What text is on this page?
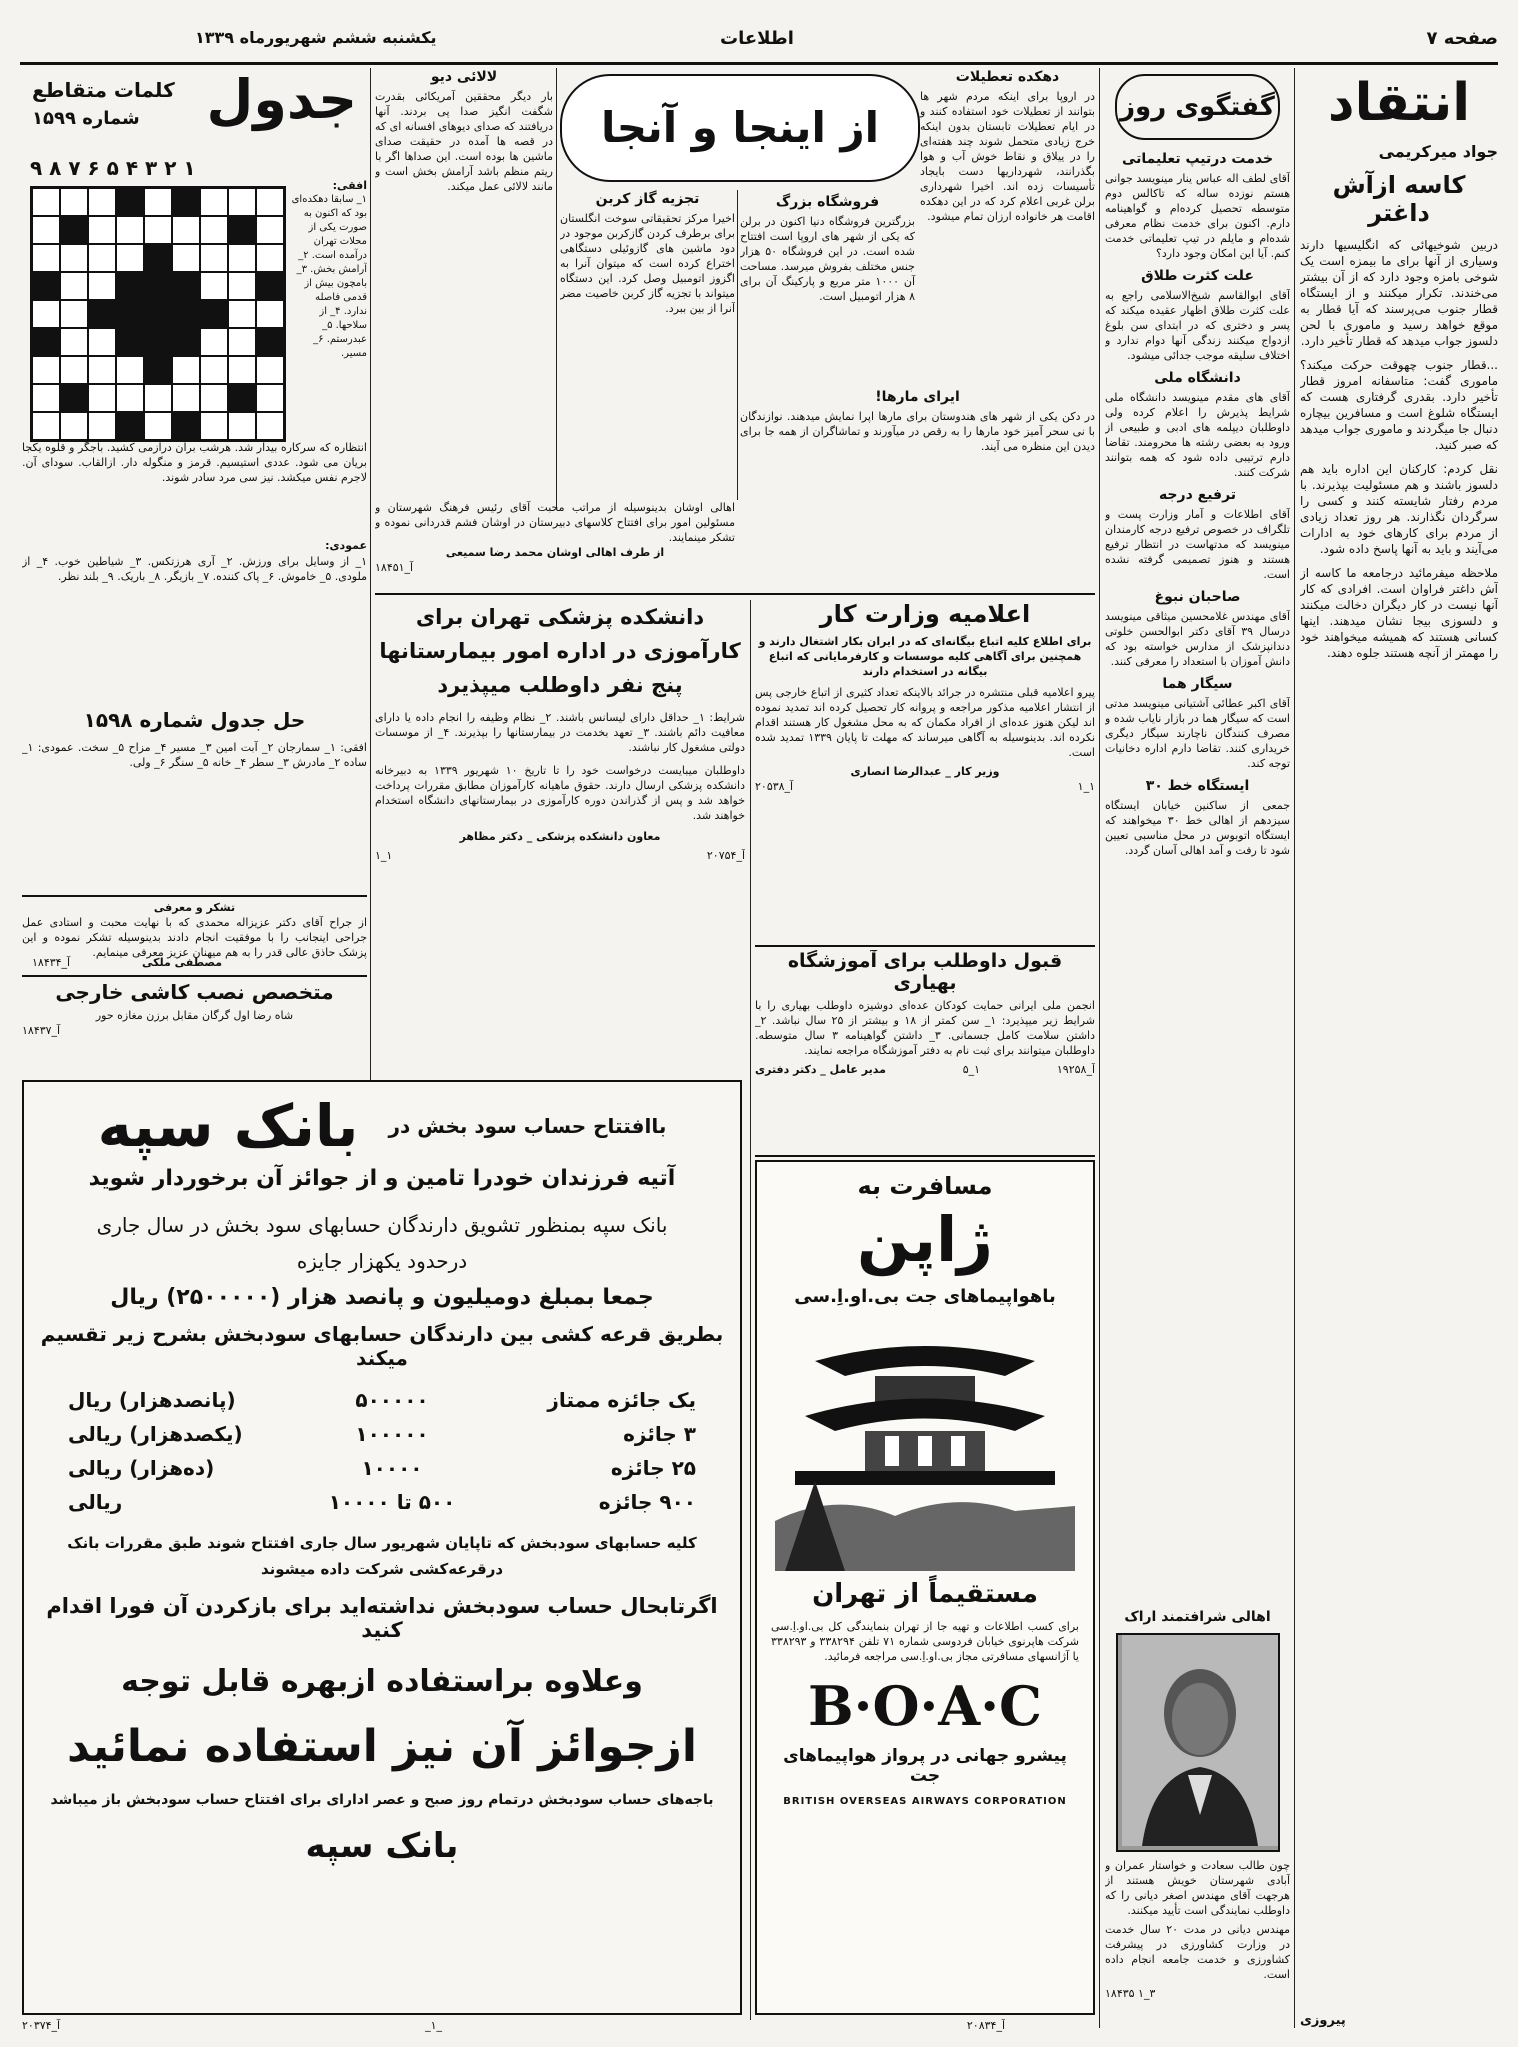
صفحه ۷
اطلاعات
یکشنبه ششم شهریورماه ۱۳۳۹
انتقاد
جواد میرکریمی
کاسه ازآش داغتر

دربین شوخیهائی که انگلیسیها دارند وسیاری از آنها برای ما بیمزه است یک شوخی بامزه وجود دارد که از آن بیشتر می‌خندند. تکرار میکنند و از ایستگاه قطار جنوب می‌پرسند که آیا قطار به موقع خواهد رسید و ماموری با لحن دلسوز جواب میدهد که قطار تأخیر دارد.

...قطار جنوب چهوقت حرکت میکند؟ ماموری گفت: متاسفانه امروز قطار تأخیر دارد. بقدری گرفتاری هست که ایستگاه شلوغ است و مسافرین بیچاره دنبال جا میگردند و ماموری جواب میدهد که صبر کنید.

نقل کردم: کارکنان این اداره باید هم دلسوز باشند و هم مسئولیت بپذیرند. با مردم رفتار شایسته کنند و کسی را سرگردان نگذارند. هر روز تعداد زیادی از مردم برای کارهای خود به ادارات می‌آیند و باید به آنها پاسخ داده شود.

ملاحظه میفرمائید درجامعه ما کاسه از آش داغتر فراوان است. افرادی که کار آنها نیست در کار دیگران دخالت میکنند و دلسوزی بیجا نشان میدهند. اینها کسانی هستند که همیشه میخواهند خود را مهمتر از آنچه هستند جلوه دهند.

پیروزی
گفتگوی روز
خدمت درتیپ تعلیماتی

آقای لطف اله عباس ینار مینویسد جوانی هستم نوزده ساله که تاکالس دوم متوسطه تحصیل کرده‌ام و گواهینامه دارم. اکنون برای خدمت نظام معرفی شده‌ام و مایلم در تیپ تعلیماتی خدمت کنم. آیا این امکان وجود دارد؟

علت کثرت طلاق

آقای ابوالقاسم شیخ‌الاسلامی راجع به علت کثرت طلاق اظهار عقیده میکند که پسر و دختری که در ابتدای سن بلوغ ازدواج میکنند زندگی آنها دوام ندارد و اختلاف سلیقه موجب جدائی میشود.

دانشگاه ملی

آقای های مقدم مینویسد دانشگاه ملی شرایط پذیرش را اعلام کرده ولی داوطلبان دیپلمه های ادبی و طبیعی از ورود به بعضی رشته ها محرومند. تقاضا دارم ترتیبی داده شود که همه بتوانند شرکت کنند.

ترفیع درجه

آقای اطلاعات و آمار وزارت پست و تلگراف در خصوص ترفیع درجه کارمندان مینویسد که مدتهاست در انتظار ترفیع هستند و هنوز تصمیمی گرفته نشده است.

صاحبان نبوغ

آقای مهندس غلامحسین میثاقی مینویسد درسال ۳۹ آقای دکتر ابوالحسن خلوتی دندانپزشک از مدارس خواسته بود که دانش آموزان با استعداد را معرفی کنند.

سیگار هما

آقای اکبر عطائی آشتیانی مینویسد مدتی است که سیگار هما در بازار نایاب شده و مصرف کنندگان ناچارند سیگار دیگری خریداری کنند. تقاضا دارم اداره دخانیات توجه کند.

ایستگاه خط ۳۰

جمعی از ساکنین خیابان ایستگاه سیزدهم از اهالی خط ۳۰ میخواهند که ایستگاه اتوبوس در محل مناسبی تعیین شود تا رفت و آمد اهالی آسان گردد.

اهالی شرافتمند اراک

چون طالب سعادت و خواستار عمران و آبادی شهرستان خویش هستند از هرجهت آقای مهندس اصغر دیانی را که داوطلب نمایندگی است تأیید میکنند.

مهندس دیانی در مدت ۲۰ سال خدمت در وزارت کشاورزی در پیشرفت کشاورزی و خدمت جامعه انجام داده است.

۳_۱ ۱۸۴۳۵
دهکده تعطیلات

در اروپا برای اینکه مردم شهر ها بتوانند از تعطیلات خود استفاده کنند و در ایام تعطیلات تابستان بدون اینکه خرج زیادی متحمل شوند چند هفته‌ای را در ییلاق و نقاط خوش آب و هوا بگذرانند، شهرداریها دست بایجاد تأسیسات زده اند. اخیرا شهرداری برلن غربی اعلام کرد که در این دهکده اقامت هر خانواده ارزان تمام میشود.

فروشگاه بزرگ

بزرگترین فروشگاه دنیا اکنون در برلن که یکی از شهر های اروپا است افتتاح شده است. در این فروشگاه ۵۰ هزار جنس مختلف بفروش میرسد. مساحت آن ۱۰۰۰ متر مربع و پارکینگ آن برای ۸ هزار اتومبیل است.

ایرای مارها!

در دکن یکی از شهر های هندوستان برای مارها اپرا نمایش میدهند. نوازندگان با نی سحر آمیز خود مارها را به رقص در میآورند و تماشاگران از همه جا برای دیدن این منظره می آیند.

از اینجا و آنجا
تجزیه گاز کربن

اخیرا مرکز تحقیقاتی سوخت انگلستان برای برطرف کردن گازکربن موجود در دود ماشین های گازوئیلی دستگاهی اختراع کرده است که میتوان آنرا به اگزوز اتومبیل وصل کرد. این دستگاه میتواند با تجزیه گاز کربن خاصیت مضر آنرا از بین ببرد.

لالائی دیو

بار دیگر محققین آمریکائی بقدرت شگفت انگیز صدا پی بردند. آنها دریافتند که صدای دیوهای افسانه ای که در قصه ها آمده در حقیقت صدای ماشین ها بوده است. این صداها اگر با ریتم منظم باشد آرامش بخش است و مانند لالائی عمل میکند.

اهالی اوشان بدینوسیله از مراتب محبت آقای رئیس فرهنگ شهرستان و مسئولین امور برای افتتاح کلاسهای دبیرستان در اوشان فشم قدردانی نموده و تشکر مینمایند.

از طرف اهالی اوشان محمد رضا سمیعی
آ_۱۸۴۵۱
جدول
کلمات متقاطع
شماره ۱۵۹۹
۹ ۸ ۷ ۶ ۵ ۴ ۳ ۲ ۱
افقی:

۱_ سابقا دهکده‌ای بود که اکنون به صورت یکی از محلات تهران درآمده است. ۲_ آرامش بخش. ۳_ بامچون بیش از قدمی فاصله ندارد. ۴_ از سلاحها. ۵_ عبدرستم. ۶_ مسیر.

انتظاره که سرکاره بیدار شد. هرشب بران درازمی کشید. باجگر و قلوه یکجا بریان می شود. عددی استیسیم. قرمز و منگوله دار. ازالقاب. سودای آن. لاجرم نفس میکشد. نیز سی مرد سادر شوند.

عمودی:

۱_ از وسایل برای ورزش. ۲_ آری هرزتکس. ۳_ شیاطین خوب. ۴_ از ملودی. ۵_ خاموش. ۶_ پاک کننده. ۷_ بازیگر. ۸_ باریک. ۹_ بلند نظر.

حل جدول شماره ۱۵۹۸

افقی: ۱_ سمارجان ۲_ آبت امین ۳_ مسیر ۴_ مزاح ۵_ سخت. عمودی: ۱_ ساده ۲_ مادرش ۳_ سطر ۴_ خانه ۵_ سنگر ۶_ ولی.

تشکر و معرفی

از جراح آقای دکتر عزیزاله محمدی که با نهایت محبت و استادی عمل جراحی اینجانب را با موفقیت انجام دادند بدینوسیله تشکر نموده و این پزشک حاذق عالی قدر را به هم میهنان عزیز معرفی مینمایم.

مصطفی ملکی
آ_۱۸۴۳۴
متخصص نصب کاشی خارجی
شاه رضا اول گرگان مقابل برزن مغازه حور
آ_۱۸۴۳۷
دانشکده پزشکی تهران برای کارآموزی در اداره امور بیمارستانها پنج نفر داوطلب میپذیرد

شرایط: ۱_ حداقل دارای لیسانس باشند. ۲_ نظام وظیفه را انجام داده یا دارای معافیت دائم باشند. ۳_ تعهد بخدمت در بیمارستانها را بپذیرند. ۴_ از موسسات دولتی مشغول کار نباشند.

داوطلبان میبایست درخواست خود را تا تاریخ ۱۰ شهریور ۱۳۳۹ به دبیرخانه دانشکده پزشکی ارسال دارند. حقوق ماهیانه کارآموزان مطابق مقررات پرداخت خواهد شد و پس از گذراندن دوره کارآموزی در بیمارستانهای دانشگاه استخدام خواهند شد.

معاون دانشکده پزشکی _ دکتر مظاهر
آ_۲۰۷۵۴
۱_۱
اعلامیه وزارت کار

برای اطلاع کلیه اتباع بیگانه‌ای که در ایران بکار اشتغال دارند و همچنین برای آگاهی کلیه موسسات و کارفرمایانی که اتباع بیگانه در استخدام دارند

پیرو اعلامیه قبلی منتشره در جرائد بالاینکه تعداد کثیری از اتباع خارجی پس از انتشار اعلامیه مذکور مراجعه و پروانه کار تحصیل کرده اند تمدید نموده اند لیکن هنوز عده‌ای از افراد مکمان که به محل مشغول کار هستند اقدام نکرده اند. بدینوسیله به آگاهی میرساند که مهلت تا پایان ۱۳۳۹ تمدید شده است.

وزیر کار _ عبدالرضا انصاری
۱_۱
آ_۲۰۵۳۸
قبول داوطلب برای آموزشگاه بهیاری

انجمن ملی ایرانی حمایت کودکان عده‌ای دوشیزه داوطلب بهیاری را با شرایط زیر میپذیرد: ۱_ سن کمتر از ۱۸ و بیشتر از ۲۵ سال نباشد. ۲_ داشتن سلامت کامل جسمانی. ۳_ داشتن گواهینامه ۳ سال متوسطه. داوطلبان میتوانند برای ثبت نام به دفتر آموزشگاه مراجعه نمایند.

آ_۱۹۲۵۸
۱_۵
مدیر عامل _ دکتر دفتری
باافتتاح حساب سود بخش در
بانک سپه
آتیه فرزندان خودرا تامین و از جوائز آن برخوردار شوید
بانک سپه بمنظور تشویق دارندگان حسابهای سود بخش در سال جاری
درحدود یکهزار جایزه
جمعا بمبلغ دومیلیون و پانصد هزار (۲۵۰۰۰۰۰) ریال
بطریق قرعه کشی بین دارندگان حسابهای سودبخش بشرح زیر تقسیم میکند
یک جائزه ممتاز
۵۰۰۰۰۰
(پانصدهزار) ریال
۳ جائزه
۱۰۰۰۰۰
(یکصدهزار) ریالی
۲۵ جائزه
۱۰۰۰۰
(ده‌هزار) ریالی
۹۰۰ جائزه
۵۰۰ تا ۱۰۰۰۰
ریالی
کلیه حسابهای سودبخش که تاپایان شهریور سال جاری افتتاح شوند طبق مقررات بانک درقرعه‌کشی شرکت داده میشوند
اگرتابحال حساب سودبخش نداشته‌اید برای بازکردن آن فورا اقدام کنید
وعلاوه براستفاده ازبهره قابل توجه
ازجوائز آن نیز استفاده نمائید
باجه‌های حساب سودبخش درتمام روز صبح و عصر ادارای برای افتتاح حساب سودبخش باز میباشد
بانک سپه
_۱_
آ_۲۰۳۷۴
مسافرت به
ژاپن
باهواپیماهای جت بی.او.اِ.سی
مستقیماً از تهران

برای کسب اطلاعات و تهیه جا از تهران بنمایندگی کل بی.او.اِ.سی شرکت هاپرنوی خیابان فردوسی شماره ۷۱ تلفن ۳۳۸۲۹۴ و ۳۳۸۲۹۳ یا آژانسهای مسافرتی مجاز بی.او.اِ.سی مراجعه فرمائید.

B·O·A·C
پیشرو جهانی در پرواز هواپیماهای جت
BRITISH OVERSEAS AIRWAYS CORPORATION
آ_۲۰۸۳۴
